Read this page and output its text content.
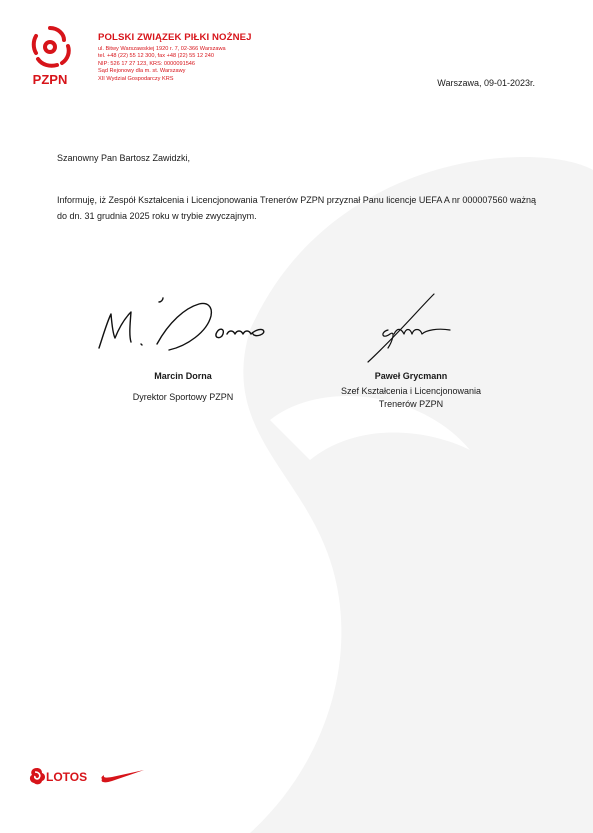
PZPN
POLSKI ZWIĄZEK PIŁKI NOŻNEJ
ul. Bitwy Warszawskiej 1920 r. 7, 02-366 Warszawa
tel. +48 (22) 55 12 300, fax +48 (22) 55 12 240
NIP: 526 17 27 123, KRS: 0000091546
Sąd Rejonowy dla m. st. Warszawy
XII Wydział Gospodarczy KRS	Warszawa, 09-01-2023r.
Szanowny Pan Bartosz Zawidzki,
Informuję, iż Zespół Kształcenia i Licencjonowania Trenerów PZPN przyznał Panu licencje UEFA A nr 000007560 ważną do dn. 31 grudnia 2025 roku w trybie zwyczajnym.
Marcin Dorna
Dyrektor Sportowy PZPN
Paweł Grycmann
Szef Kształcenia i Licencjonowania
Trenerów PZPN
LOTOS
